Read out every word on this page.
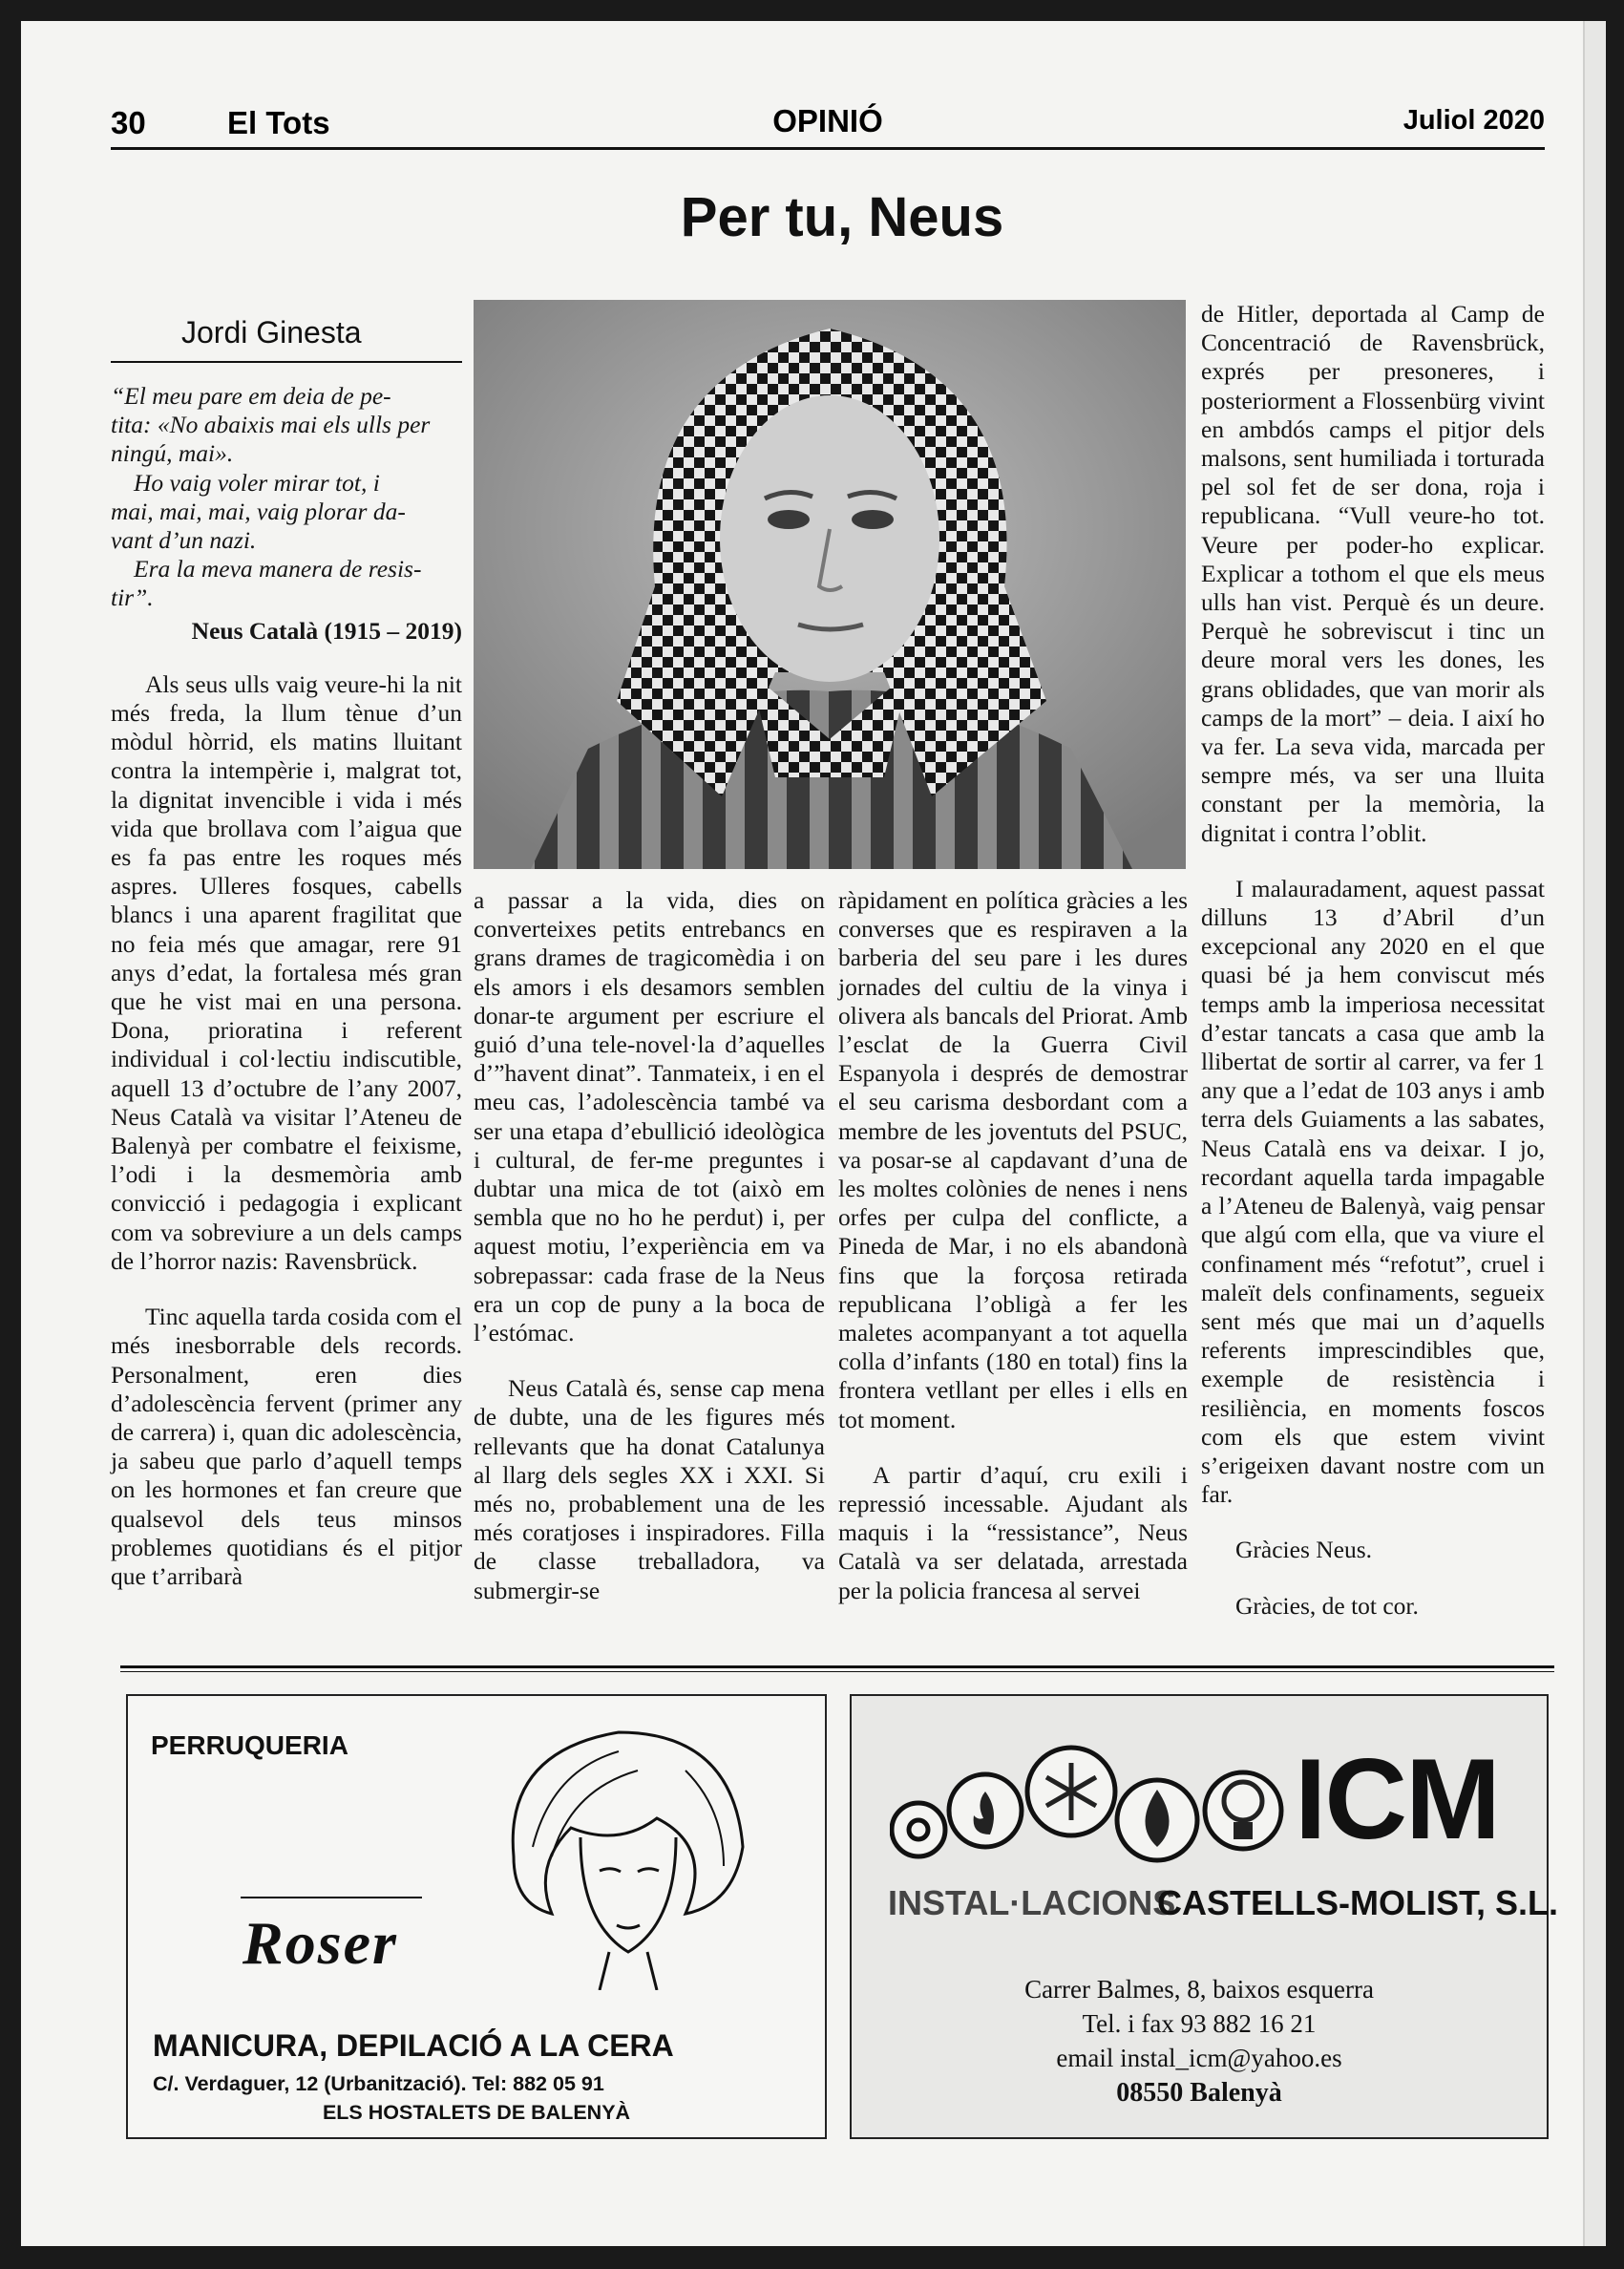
30	El Tots	OPINIÓ	Juliol 2020
Per tu, Neus
Jordi Ginesta

“El meu pare em deia de pe-

tita: «No abaixis mai els ulls per

ningú, mai».

Ho vaig voler mirar tot, i

mai, mai, mai, vaig plorar da-

vant d’un nazi.

Era la meva manera de resis-

tir”.

Neus Català (1915 – 2019)

Als seus ulls vaig veure-hi la nit més freda, la llum tènue d’un mòdul hòrrid, els matins lluitant contra la intempèrie i, malgrat tot, la dignitat invencible i vida i més vida que brollava com l’aigua que es fa pas entre les roques més aspres. Ulleres fosques, cabells blancs i una aparent fragilitat que no feia més que amagar, rere 91 anys d’edat, la fortalesa més gran que he vist mai en una persona. Dona, prioratina i referent individual i col·lectiu indiscutible, aquell 13 d’octubre de l’any 2007, Neus Català va visitar l’Ateneu de Balenyà per combatre el feixisme, l’odi i la desmemòria amb convicció i pedagogia i explicant com va sobreviure a un dels camps de l’horror nazis: Ravensbrück.

Tinc aquella tarda cosida com el més inesborrable dels records. Personalment, eren dies d’adolescència fervent (primer any de carrera) i, quan dic adolescència, ja sabeu que parlo d’aquell temps on les hormones et fan creure que qualsevol dels teus minsos problemes quotidians és el pitjor que t’arribarà

a passar a la vida, dies on converteixes petits entrebancs en grans drames de tragicomèdia i on els amors i els desamors semblen donar-te argument per escriure el guió d’una tele-novel·la d’aquelles d’”havent dinat”. Tanmateix, i en el meu cas, l’adolescència també va ser una etapa d’ebullició ideològica i cultural, de fer-me preguntes i dubtar una mica de tot (això em sembla que no ho he perdut) i, per aquest motiu, l’experiència em va sobrepassar: cada frase de la Neus era un cop de puny a la boca de l’estómac.

Neus Català és, sense cap mena de dubte, una de les figures més rellevants que ha donat Catalunya al llarg dels segles XX i XXI. Si més no, probablement una de les més coratjoses i inspiradores. Filla de classe treballadora, va submergir-se

ràpidament en política gràcies a les converses que es respiraven a la barberia del seu pare i les dures jornades del cultiu de la vinya i olivera als bancals del Priorat. Amb l’esclat de la Guerra Civil Espanyola i després de demostrar el seu carisma desbordant com a membre de les joventuts del PSUC, va posar-se al capdavant d’una de les moltes colònies de nenes i nens orfes per culpa del conflicte, a Pineda de Mar, i no els abandonà fins que la forçosa retirada republicana l’obligà a fer les maletes acompanyant a tot aquella colla d’infants (180 en total) fins la frontera vetllant per elles i ells en tot moment.

A partir d’aquí, cru exili i repressió incessable. Ajudant als maquis i la “ressistance”, Neus Català va ser delatada, arrestada per la policia francesa al servei

de Hitler, deportada al Camp de Concentració de Ravensbrück, exprés per presoneres, i posteriorment a Flossenbürg vivint en ambdós camps el pitjor dels malsons, sent humiliada i torturada pel sol fet de ser dona, roja i republicana. “Vull veure-ho tot. Veure per poder-ho explicar. Explicar a tothom el que els meus ulls han vist. Perquè és un deure. Perquè he sobreviscut i tinc un deure moral vers les dones, les grans oblidades, que van morir als camps de la mort” – deia. I així ho va fer. La seva vida, marcada per sempre més, va ser una lluita constant per la memòria, la dignitat i contra l’oblit.

I malauradament, aquest passat dilluns 13 d’Abril d’un excepcional any 2020 en el que quasi bé ja hem conviscut més temps amb la imperiosa necessitat d’estar tancats a casa que amb la llibertat de sortir al carrer, va fer 1 any que a l’edat de 103 anys i amb terra dels Guiaments a las sabates, Neus Català ens va deixar. I jo, recordant aquella tarda impagable a l’Ateneu de Balenyà, vaig pensar que algú com ella, que va viure el confinament més “refotut”, cruel i maleït dels confinaments, segueix sent més que mai un d’aquells referents imprescindibles que, exemple de resistència i resiliència, en moments foscos com els que estem vivint s’erigeixen davant nostre com un far.

Gràcies Neus.

Gràcies, de tot cor.

PERRUQUERIA
Roser
MANICURA, DEPILACIÓ A LA CERA
C/. Verdaguer, 12 (Urbanització). Tel: 882 05 91
ELS HOSTALETS DE BALENYÀ
ICM
INSTAL·LACIONS
CASTELLS-MOLIST, S.L.
Carrer Balmes, 8, baixos esquerra
Tel. i fax 93 882 16 21
email instal_icm@yahoo.es
08550 Balenyà
